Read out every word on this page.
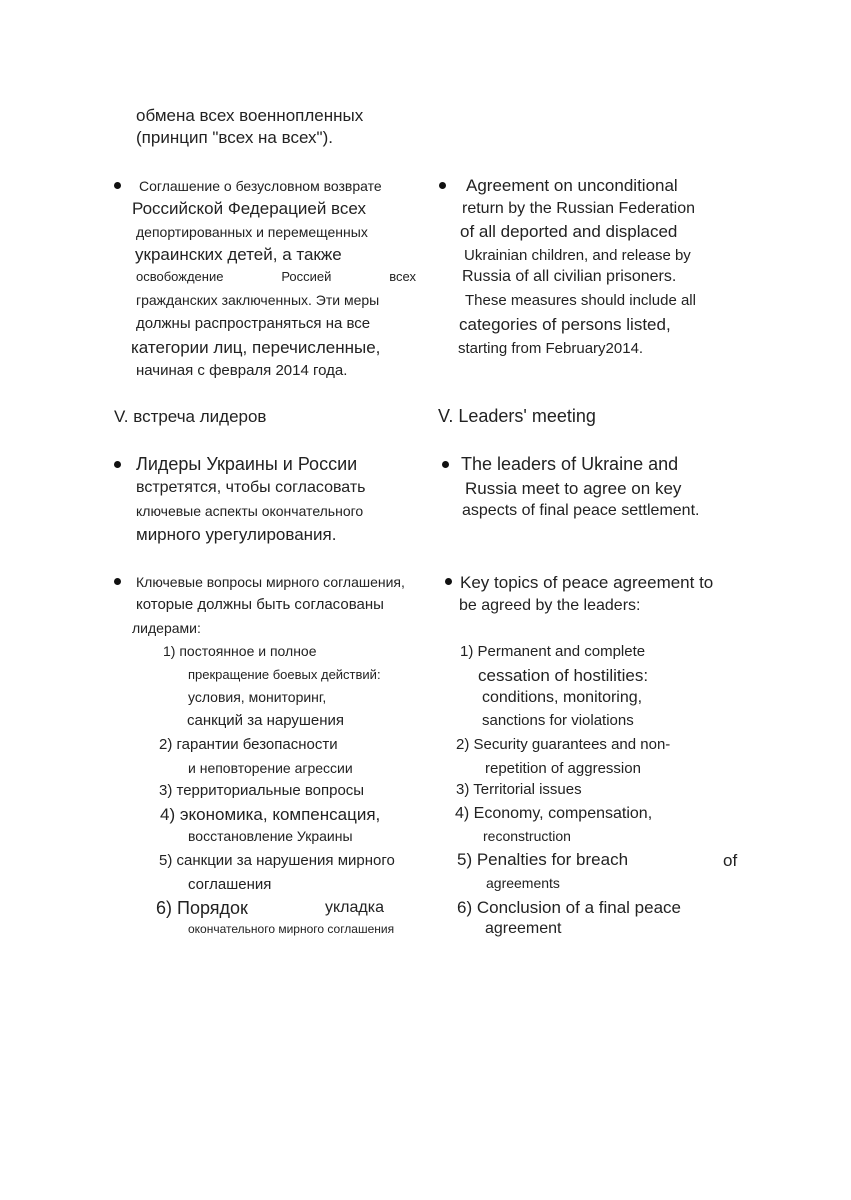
обмена всех военнопленных
(принцип "всех на всех").
Соглашение о безусловном возврате
Российской Федерацией всех
депортированных и перемещенных
украинских детей, а также
освобождение	Россией	всех
гражданских заключенных. Эти меры
должны распространяться на все
категории лиц, перечисленные,
начиная с февраля 2014 года.
Agreement on unconditional
return by the Russian Federation
of all deported and displaced
Ukrainian children, and release by
Russia of all civilian prisoners.
These measures should include all
categories of persons listed,
starting from February2014.
V. встреча лидеров	V. Leaders' meeting
Лидеры Украины и России
встретятся, чтобы согласовать
ключевые аспекты окончательного
мирного урегулирования.
The leaders of Ukraine and
Russia meet to agree on key
aspects of final peace settlement.
Ключевые вопросы мирного соглашения,
которые должны быть согласованы
лидерами:
1) постоянное и полное
прекращение боевых действий:
условия, мониторинг,
санкций за нарушения
2) гарантии безопасности
и неповторение агрессии
3) территориальные вопросы
4) экономика, компенсация,
восстановление Украины
5) санкции за нарушения мирного
соглашения
6) Порядок	укладка
окончательного мирного соглашения
Key topics of peace agreement to
be agreed by the leaders:
1) Permanent and complete
cessation of hostilities:
conditions, monitoring,
sanctions for violations
2) Security guarantees and non-
repetition of aggression
3) Territorial issues
4) Economy, compensation,
reconstruction
5) Penalties for breach	of
agreements
6) Conclusion of a final peace
agreement
